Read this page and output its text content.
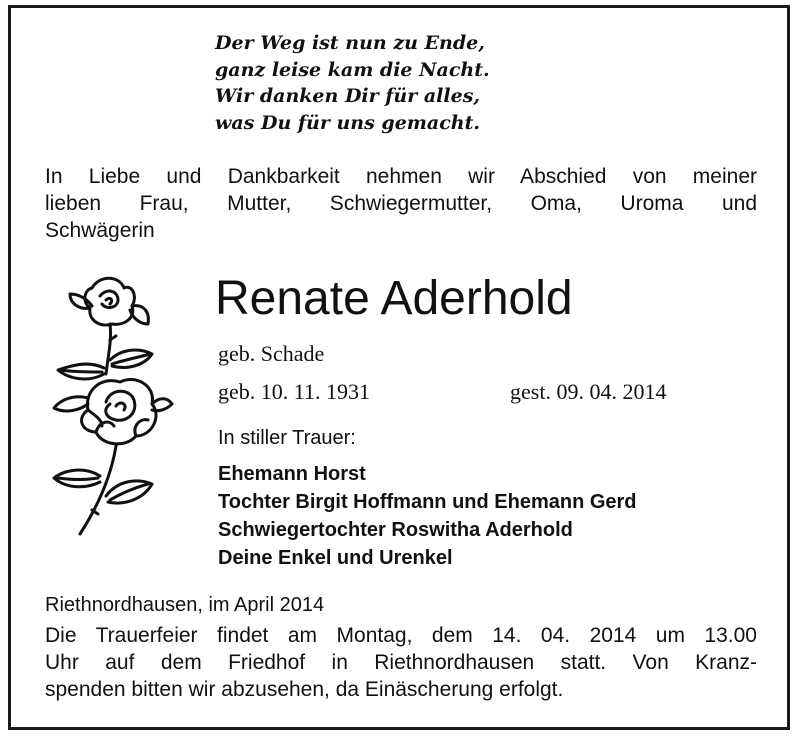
Der Weg ist nun zu Ende,
ganz leise kam die Nacht.
Wir danken Dir für alles,
was Du für uns gemacht.
In Liebe und Dankbarkeit nehmen wir Abschied von meiner
lieben Frau, Mutter, Schwiegermutter, Oma, Uroma und
Schwägerin
Renate Aderhold
geb. Schade
geb. 10. 11. 1931	gest. 09. 04. 2014
In stiller Trauer:
Ehemann Horst
Tochter Birgit Hoffmann und Ehemann Gerd
Schwiegertochter Roswitha Aderhold
Deine Enkel und Urenkel
Riethnordhausen, im April 2014
Die Trauerfeier findet am Montag, dem 14. 04. 2014 um 13.00
Uhr auf dem Friedhof in Riethnordhausen statt. Von Kranz-
spenden bitten wir abzusehen, da Einäscherung erfolgt.
